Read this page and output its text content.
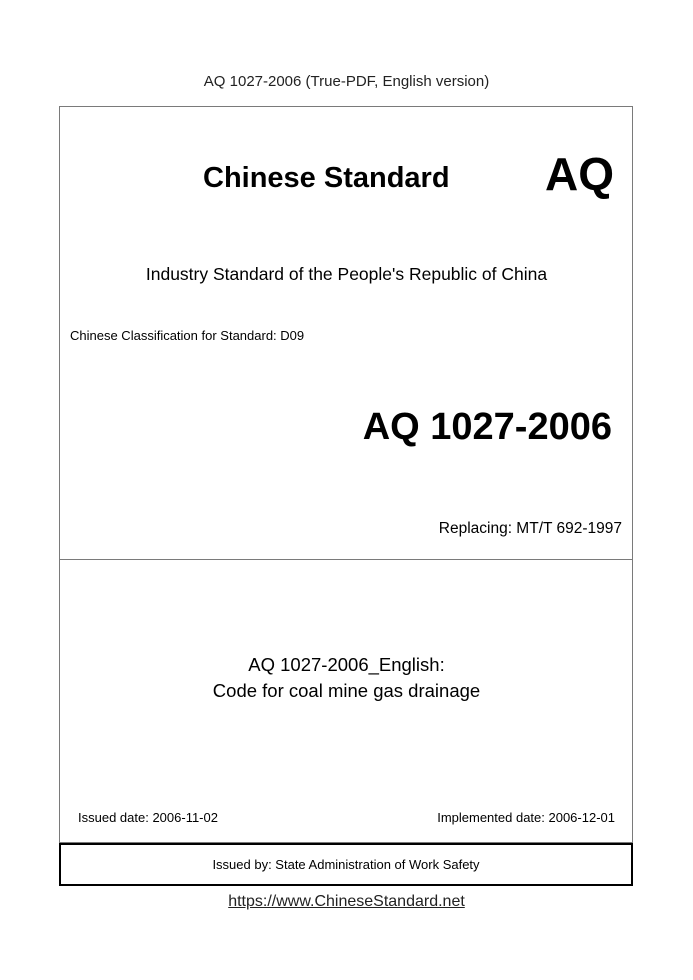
AQ 1027-2006 (True-PDF, English version)
Chinese Standard AQ
Industry Standard of the People's Republic of China
Chinese Classification for Standard: D09
AQ 1027-2006
Replacing: MT/T 692-1997
AQ 1027-2006_English:
Code for coal mine gas drainage
Issued date: 2006-11-02	Implemented date: 2006-12-01
Issued by: State Administration of Work Safety
https://www.ChineseStandard.net
